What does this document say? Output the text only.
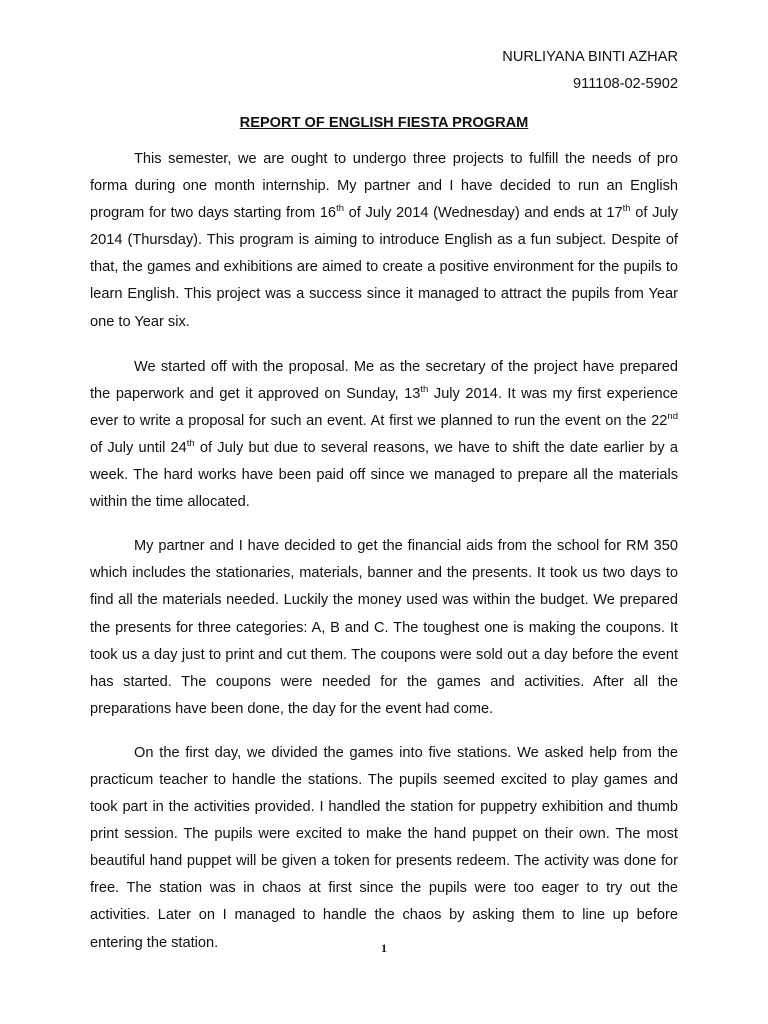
NURLIYANA BINTI AZHAR
911108-02-5902
REPORT OF ENGLISH FIESTA PROGRAM

This semester, we are ought to undergo three projects to fulfill the needs of pro forma during one month internship. My partner and I have decided to run an English program for two days starting from 16th of July 2014 (Wednesday) and ends at 17th of July 2014 (Thursday). This program is aiming to introduce English as a fun subject. Despite of that, the games and exhibitions are aimed to create a positive environment for the pupils to learn English. This project was a success since it managed to attract the pupils from Year one to Year six.

We started off with the proposal. Me as the secretary of the project have prepared the paperwork and get it approved on Sunday, 13th July 2014. It was my first experience ever to write a proposal for such an event. At first we planned to run the event on the 22nd of July until 24th of July but due to several reasons, we have to shift the date earlier by a week. The hard works have been paid off since we managed to prepare all the materials within the time allocated.

My partner and I have decided to get the financial aids from the school for RM 350 which includes the stationaries, materials, banner and the presents. It took us two days to find all the materials needed. Luckily the money used was within the budget. We prepared the presents for three categories: A, B and C. The toughest one is making the coupons. It took us a day just to print and cut them. The coupons were sold out a day before the event has started. The coupons were needed for the games and activities. After all the preparations have been done, the day for the event had come.

On the first day, we divided the games into five stations. We asked help from the practicum teacher to handle the stations. The pupils seemed excited to play games and took part in the activities provided. I handled the station for puppetry exhibition and thumb print session. The pupils were excited to make the hand puppet on their own. The most beautiful hand puppet will be given a token for presents redeem. The activity was done for free. The station was in chaos at first since the pupils were too eager to try out the activities. Later on I managed to handle the chaos by asking them to line up before entering the station.	1
